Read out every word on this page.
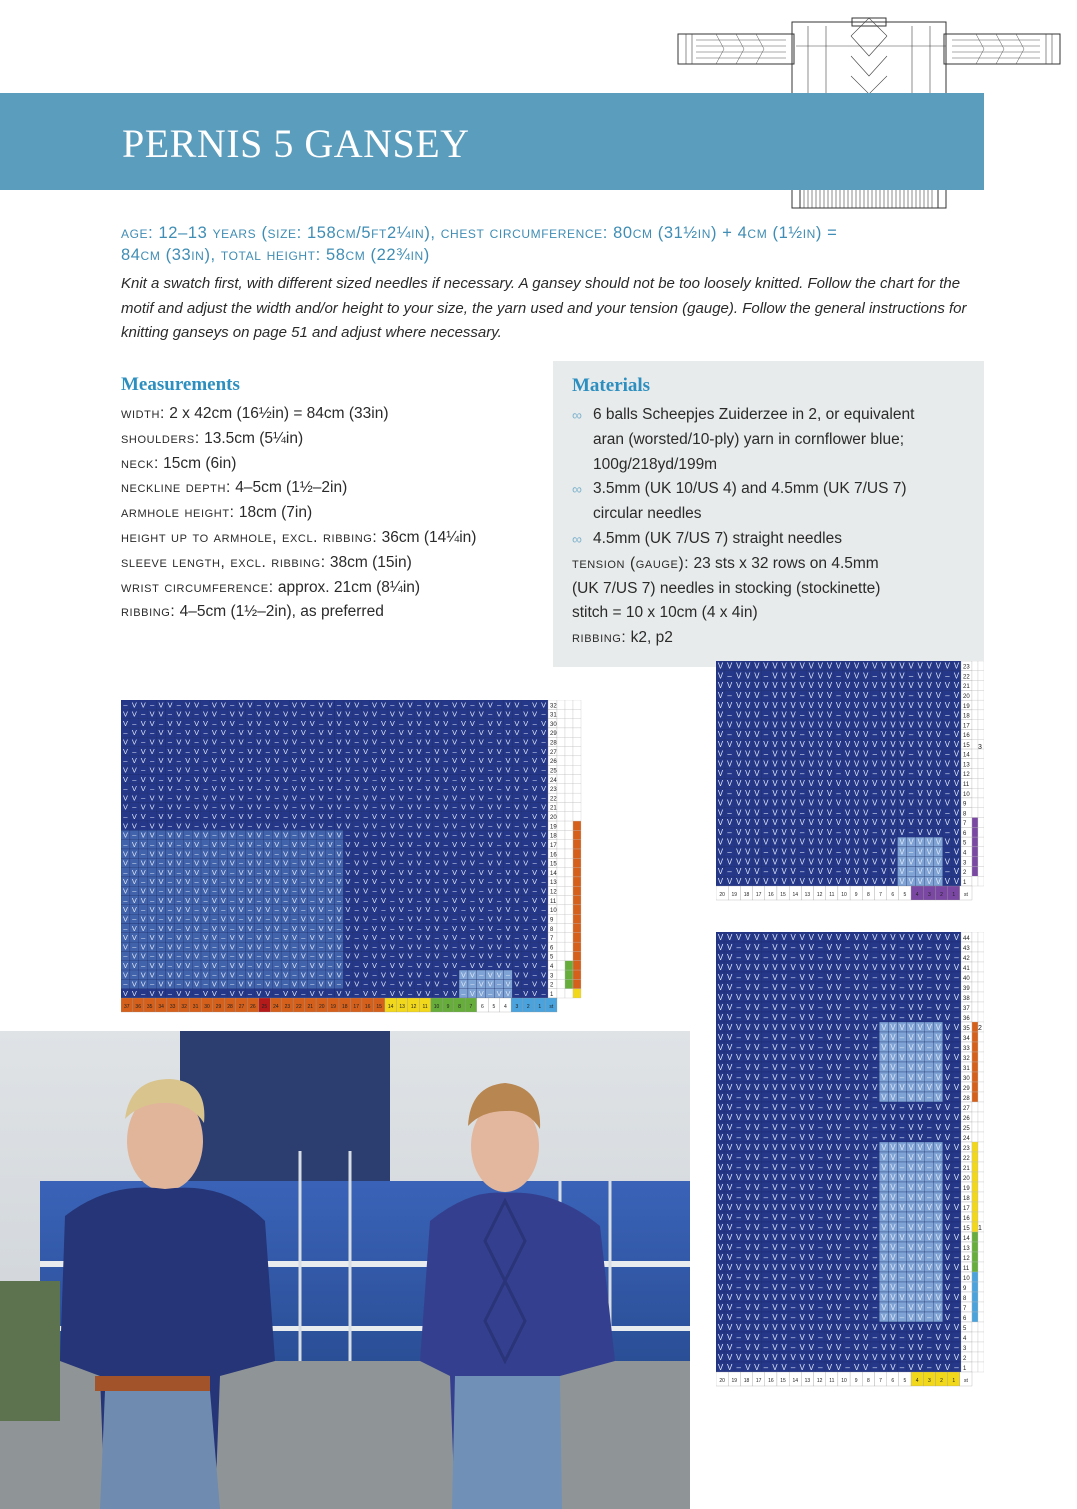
PERNIS 5 GANSEY
age: 12–13 years (size: 158cm/5ft2¼in), chest circumference: 80cm (31½in) + 4cm (1½in) =
84cm (33in), total height: 58cm (22¾in)

Knit a swatch first, with different sized needles if necessary. A gansey should not be too loosely knitted. Follow the chart for the motif and adjust the width and/or height to your size, the yarn used and your tension (gauge). Follow the general instructions for knitting ganseys on page 51 and adjust where necessary.

Measurements
width: 2 x 42cm (16½in) = 84cm (33in)
shoulders: 13.5cm (5¼in)
neck: 15cm (6in)
neckline depth: 4–5cm (1½–2in)
armhole height: 18cm (7in)
height up to armhole, excl. ribbing: 36cm (14¼in)
sleeve length, excl. ribbing: 38cm (15in)
wrist circumference: approx. 21cm (8¼in)
ribbing: 4–5cm (1½–2in), as preferred
Materials
∞ 6 balls Scheepjes Zuiderzee in 2, or equivalent
aran (worsted/10-ply) yarn in cornflower blue;
100g/218yd/199m
∞ 3.5mm (UK 10/US 4) and 4.5mm (UK 7/US 7)
circular needles
∞ 4.5mm (UK 7/US 7) straight needles
tension (gauge): 23 sts x 32 rows on 4.5mm
(UK 7/US 7) needles in stocking (stockinette)
stitch = 10 x 10cm (4 x 4in)
ribbing: k2, p2
– V V – V V – V V – V V – V V – V V – V V – V V – V V – V V – V V – V V – V V – V V – V V – V V
V V – V V – V V – V V – V V – V V – V V – V V – V V – V V – V V – V V – V V – V V – V V – V V –
V – V V – V V – V V – V V – V V – V V – V V – V V – V V – V V – V V – V V – V V – V V – V V – V
– V V – V V – V V – V V – V V – V V – V V – V V – V V – V V – V V – V V – V V – V V – V V – V V
V V – V V – V V – V V – V V – V V – V V – V V – V V – V V – V V – V V – V V – V V – V V – V V –
V – V V – V V – V V – V V – V V – V V – V V – V V – V V – V V – V V – V V – V V – V V – V V – V
– V V – V V – V V – V V – V V – V V – V V – V V – V V – V V – V V – V V – V V – V V – V V – V V
V V – V V – V V – V V – V V – V V – V V – V V – V V – V V – V V – V V – V V – V V – V V – V V –
V – V V – V V – V V – V V – V V – V V – V V – V V – V V – V V – V V – V V – V V – V V – V V – V
– V V – V V – V V – V V – V V – V V – V V – V V – V V – V V – V V – V V – V V – V V – V V – V V
V V – V V – V V – V V – V V – V V – V V – V V – V V – V V – V V – V V – V V – V V – V V – V V –
V – V V – V V – V V – V V – V V – V V – V V – V V – V V – V V – V V – V V – V V – V V – V V – V
– V V – V V – V V – V V – V V – V V – V V – V V – V V – V V – V V – V V – V V – V V – V V – V V
V V – V V – V V – V V – V V – V V – V V – V V – V V – V V – V V – V V – V V – V V – V V – V V –
V – V V – V V – V V – V V – V V – V V – V V – V V – V V – V V – V V – V V – V V – V V – V V – V
– V V – V V – V V – V V – V V – V V – V V – V V – V V – V V – V V – V V – V V – V V – V V – V V
V V – V V – V V – V V – V V – V V – V V – V V – V V – V V – V V – V V – V V – V V – V V – V V –
V – V V – V V – V V – V V – V V – V V – V V – V V – V V – V V – V V – V V – V V – V V – V V – V
– V V – V V – V V – V V – V V – V V – V V – V V – V V – V V – V V – V V – V V – V V – V V – V V
V V – V V – V V – V V – V V – V V – V V – V V – V V – V V – V V – V V – V V – V V – V V – V V –
V – V V – V V – V V – V V – V V – V V – V V – V V – V V – V V – V V – V V – V V – V V – V V – V
– V V – V V – V V – V V – V V – V V – V V – V V – V V – V V – V V – V V – V V – V V – V V – V V
V V – V V – V V – V V – V V – V V – V V – V V – V V – V V – V V – V V – V V – V V – V V – V V –
V – V V – V V – V V – V V – V V – V V – V V – V V – V V – V V – V V – V V – V V – V V – V V – V
– V V – V V – V V – V V – V V – V V – V V – V V – V V – V V – V V – V V – V V – V V – V V – V V
V V – V V – V V – V V – V V – V V – V V – V V – V V – V V – V V – V V – V V – V V – V V – V V –
V – V V – V V – V V – V V – V V – V V – V V – V V – V V – V V – V V – V V – V V – V V – V V – V
– V V – V V – V V – V V – V V – V V – V V – V V – V V – V V – V V – V V – V V – V V – V V – V V
V V – V V – V V – V V – V V – V V – V V – V V – V V – V V – V V – V V – V V – V V – V V – V V –
V – V V – V V – V V – V V – V V – V V – V V – V V – V V – V V – V V – V V – V V – V V – V V – V
– V V – V V – V V – V V – V V – V V – V V – V V – V V – V V – V V – V V – V V – V V – V V – V V
V V – V V – V V – V V – V V – V V – V V – V V – V V – V V – V V – V V – V V – V V – V V – V V –
32
31
30
29
28
27
26
25
24
23
22
21
20
19
18
17
16
15
14
13
12
11
10
9
8
7
6
5
4
3
2
1
37 36 35 34 33 32 31 30 29 28 27 26 25 24 23 22 21 20 19 18 17 16 15 14 13 12 11 10 9 8 7 6 5 4 3 2 1 st
V V V V V V V V V V V V V V V V V V V V V V V V V V V
V – V V V – V V V – V V V – V V V – V V V – V V V – V
V V V V V V V V V V V V V V V V V V V V V V V V V V V
V – V V V – V V V – V V V – V V V – V V V – V V V – V
V V V V V V V V V V V V V V V V V V V V V V V V V V V
V – V V V – V V V – V V V – V V V – V V V – V V V – V
V V V V V V V V V V V V V V V V V V V V V V V V V V V
V – V V V – V V V – V V V – V V V – V V V – V V V – V
V V V V V V V V V V V V V V V V V V V V V V V V V V V
V – V V V – V V V – V V V – V V V – V V V – V V V – V
V V V V V V V V V V V V V V V V V V V V V V V V V V V
V – V V V – V V V – V V V – V V V – V V V – V V V – V
V V V V V V V V V V V V V V V V V V V V V V V V V V V
V – V V V – V V V – V V V – V V V – V V V – V V V – V
V V V V V V V V V V V V V V V V V V V V V V V V V V V
V – V V V – V V V – V V V – V V V – V V V – V V V – V
V V V V V V V V V V V V V V V V V V V V V V V V V V V
V – V V V – V V V – V V V – V V V – V V V – V V V – V
V V V V V V V V V V V V V V V V V V V V V V V V V V V
V – V V V – V V V – V V V – V V V – V V V – V V V – V
V V V V V V V V V V V V V V V V V V V V V V V V V V V
V – V V V – V V V – V V V – V V V – V V V – V V V – V
V V V V V V V V V V V V V V V V V V V V V V V V V V V
23
22
21
20
19
18
17
16
15
14
13
12
11
10
9
8
7
6
5
4
3
2
1
20 19 18 17 16 15 14 13 12 11 10 9 8 7 6 5 4 3 2 1 st
3
V V V V V V V V V V V V V V V V V V V V V V V V V V V
V V – V V – V V – V V – V V – V V – V V – V V – V V –
V V – V V – V V – V V – V V – V V – V V – V V – V V –
V V V V V V V V V V V V V V V V V V V V V V V V V V V
V V – V V – V V – V V – V V – V V – V V – V V – V V –
V V – V V – V V – V V – V V – V V – V V – V V – V V –
V V V V V V V V V V V V V V V V V V V V V V V V V V V
V V – V V – V V – V V – V V – V V – V V – V V – V V –
V V – V V – V V – V V – V V – V V – V V – V V – V V –
V V V V V V V V V V V V V V V V V V V V V V V V V V V
V V – V V – V V – V V – V V – V V – V V – V V – V V –
V V – V V – V V – V V – V V – V V – V V – V V – V V –
V V V V V V V V V V V V V V V V V V V V V V V V V V V
V V – V V – V V – V V – V V – V V – V V – V V – V V –
V V – V V – V V – V V – V V – V V – V V – V V – V V –
V V V V V V V V V V V V V V V V V V V V V V V V V V V
V V – V V – V V – V V – V V – V V – V V – V V – V V –
V V – V V – V V – V V – V V – V V – V V – V V – V V –
V V V V V V V V V V V V V V V V V V V V V V V V V V V
V V – V V – V V – V V – V V – V V – V V – V V – V V –
V V – V V – V V – V V – V V – V V – V V – V V – V V –
V V V V V V V V V V V V V V V V V V V V V V V V V V V
V V – V V – V V – V V – V V – V V – V V – V V – V V –
V V – V V – V V – V V – V V – V V – V V – V V – V V –
V V V V V V V V V V V V V V V V V V V V V V V V V V V
V V – V V – V V – V V – V V – V V – V V – V V – V V –
V V – V V – V V – V V – V V – V V – V V – V V – V V –
V V V V V V V V V V V V V V V V V V V V V V V V V V V
V V – V V – V V – V V – V V – V V – V V – V V – V V –
V V – V V – V V – V V – V V – V V – V V – V V – V V –
V V V V V V V V V V V V V V V V V V V V V V V V V V V
V V – V V – V V – V V – V V – V V – V V – V V – V V –
V V – V V – V V – V V – V V – V V – V V – V V – V V –
V V V V V V V V V V V V V V V V V V V V V V V V V V V
V V – V V – V V – V V – V V – V V – V V – V V – V V –
V V – V V – V V – V V – V V – V V – V V – V V – V V –
V V V V V V V V V V V V V V V V V V V V V V V V V V V
V V – V V – V V – V V – V V – V V – V V – V V – V V –
V V – V V – V V – V V – V V – V V – V V – V V – V V –
V V V V V V V V V V V V V V V V V V V V V V V V V V V
V V – V V – V V – V V – V V – V V – V V – V V – V V –
V V – V V – V V – V V – V V – V V – V V – V V – V V –
V V V V V V V V V V V V V V V V V V V V V V V V V V V
V V – V V – V V – V V – V V – V V – V V – V V – V V –
44
43
42
41
40
39
38
37
36
35
34
33
32
31
30
29
28
27
26
25
24
23
22
21
20
19
18
17
16
15
14
13
12
11
10
9
8
7
6
5
4
3
2
1
20 19 18 17 16 15 14 13 12 11 10 9 8 7 6 5 4 3 2 1 st
2
1
